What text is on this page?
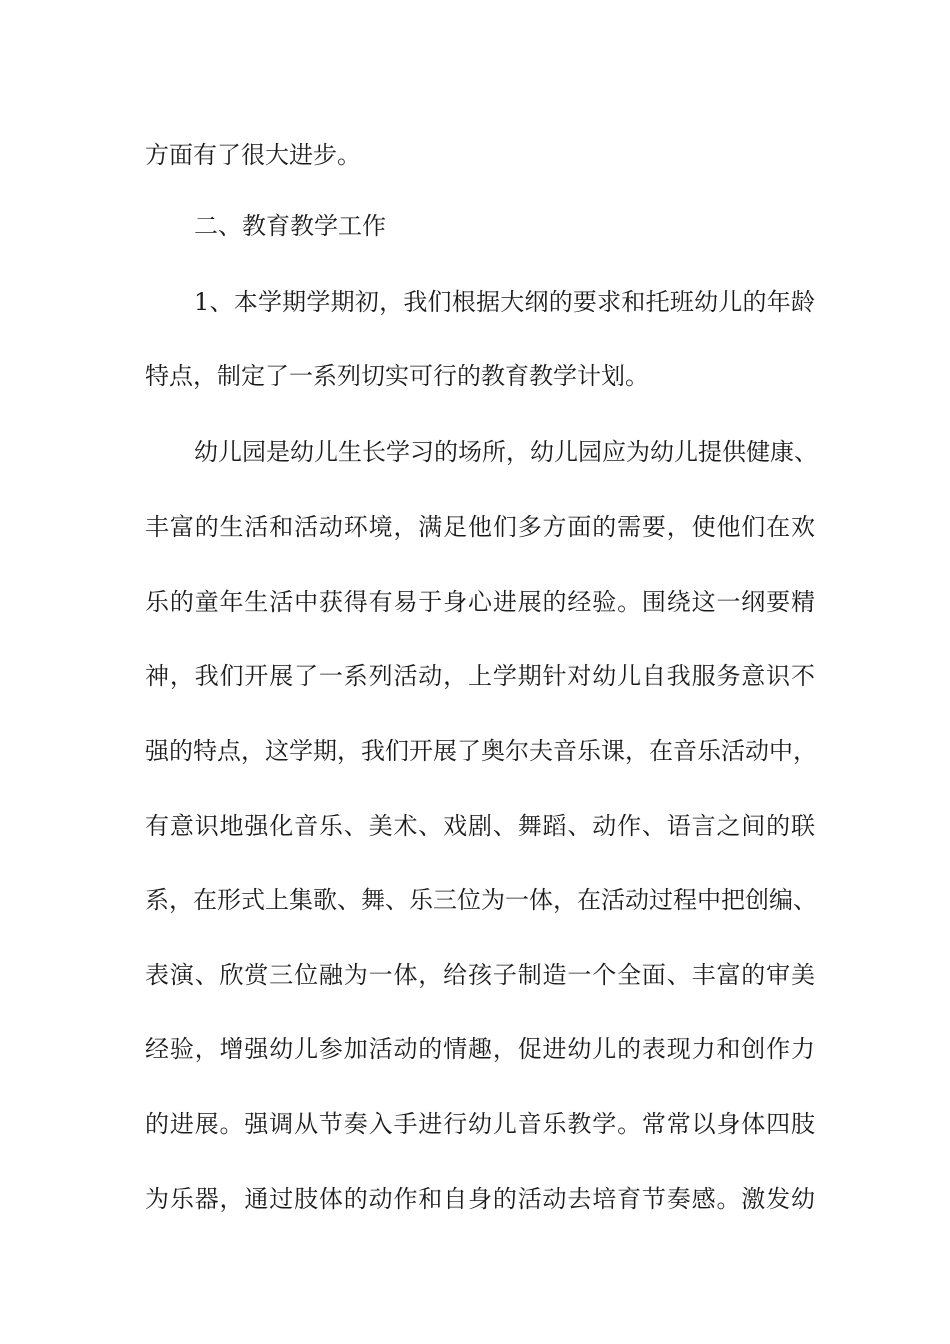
方面有了很大进步。
二、教育教学工作
1、本学期学期初，我们根据大纲的要求和托班幼儿的年龄
特点，制定了一系列切实可行的教育教学计划。
幼儿园是幼儿生长学习的场所，幼儿园应为幼儿提供健康、
丰富的生活和活动环境，满足他们多方面的需要，使他们在欢
乐的童年生活中获得有易于身心进展的经验。围绕这一纲要精
神，我们开展了一系列活动，上学期针对幼儿自我服务意识不
强的特点，这学期，我们开展了奥尔夫音乐课，在音乐活动中，
有意识地强化音乐、美术、戏剧、舞蹈、动作、语言之间的联
系，在形式上集歌、舞、乐三位为一体，在活动过程中把创编、
表演、欣赏三位融为一体，给孩子制造一个全面、丰富的审美
经验，增强幼儿参加活动的情趣，促进幼儿的表现力和创作力
的进展。强调从节奏入手进行幼儿音乐教学。常常以身体四肢
为乐器，通过肢体的动作和自身的活动去培育节奏感。激发幼
